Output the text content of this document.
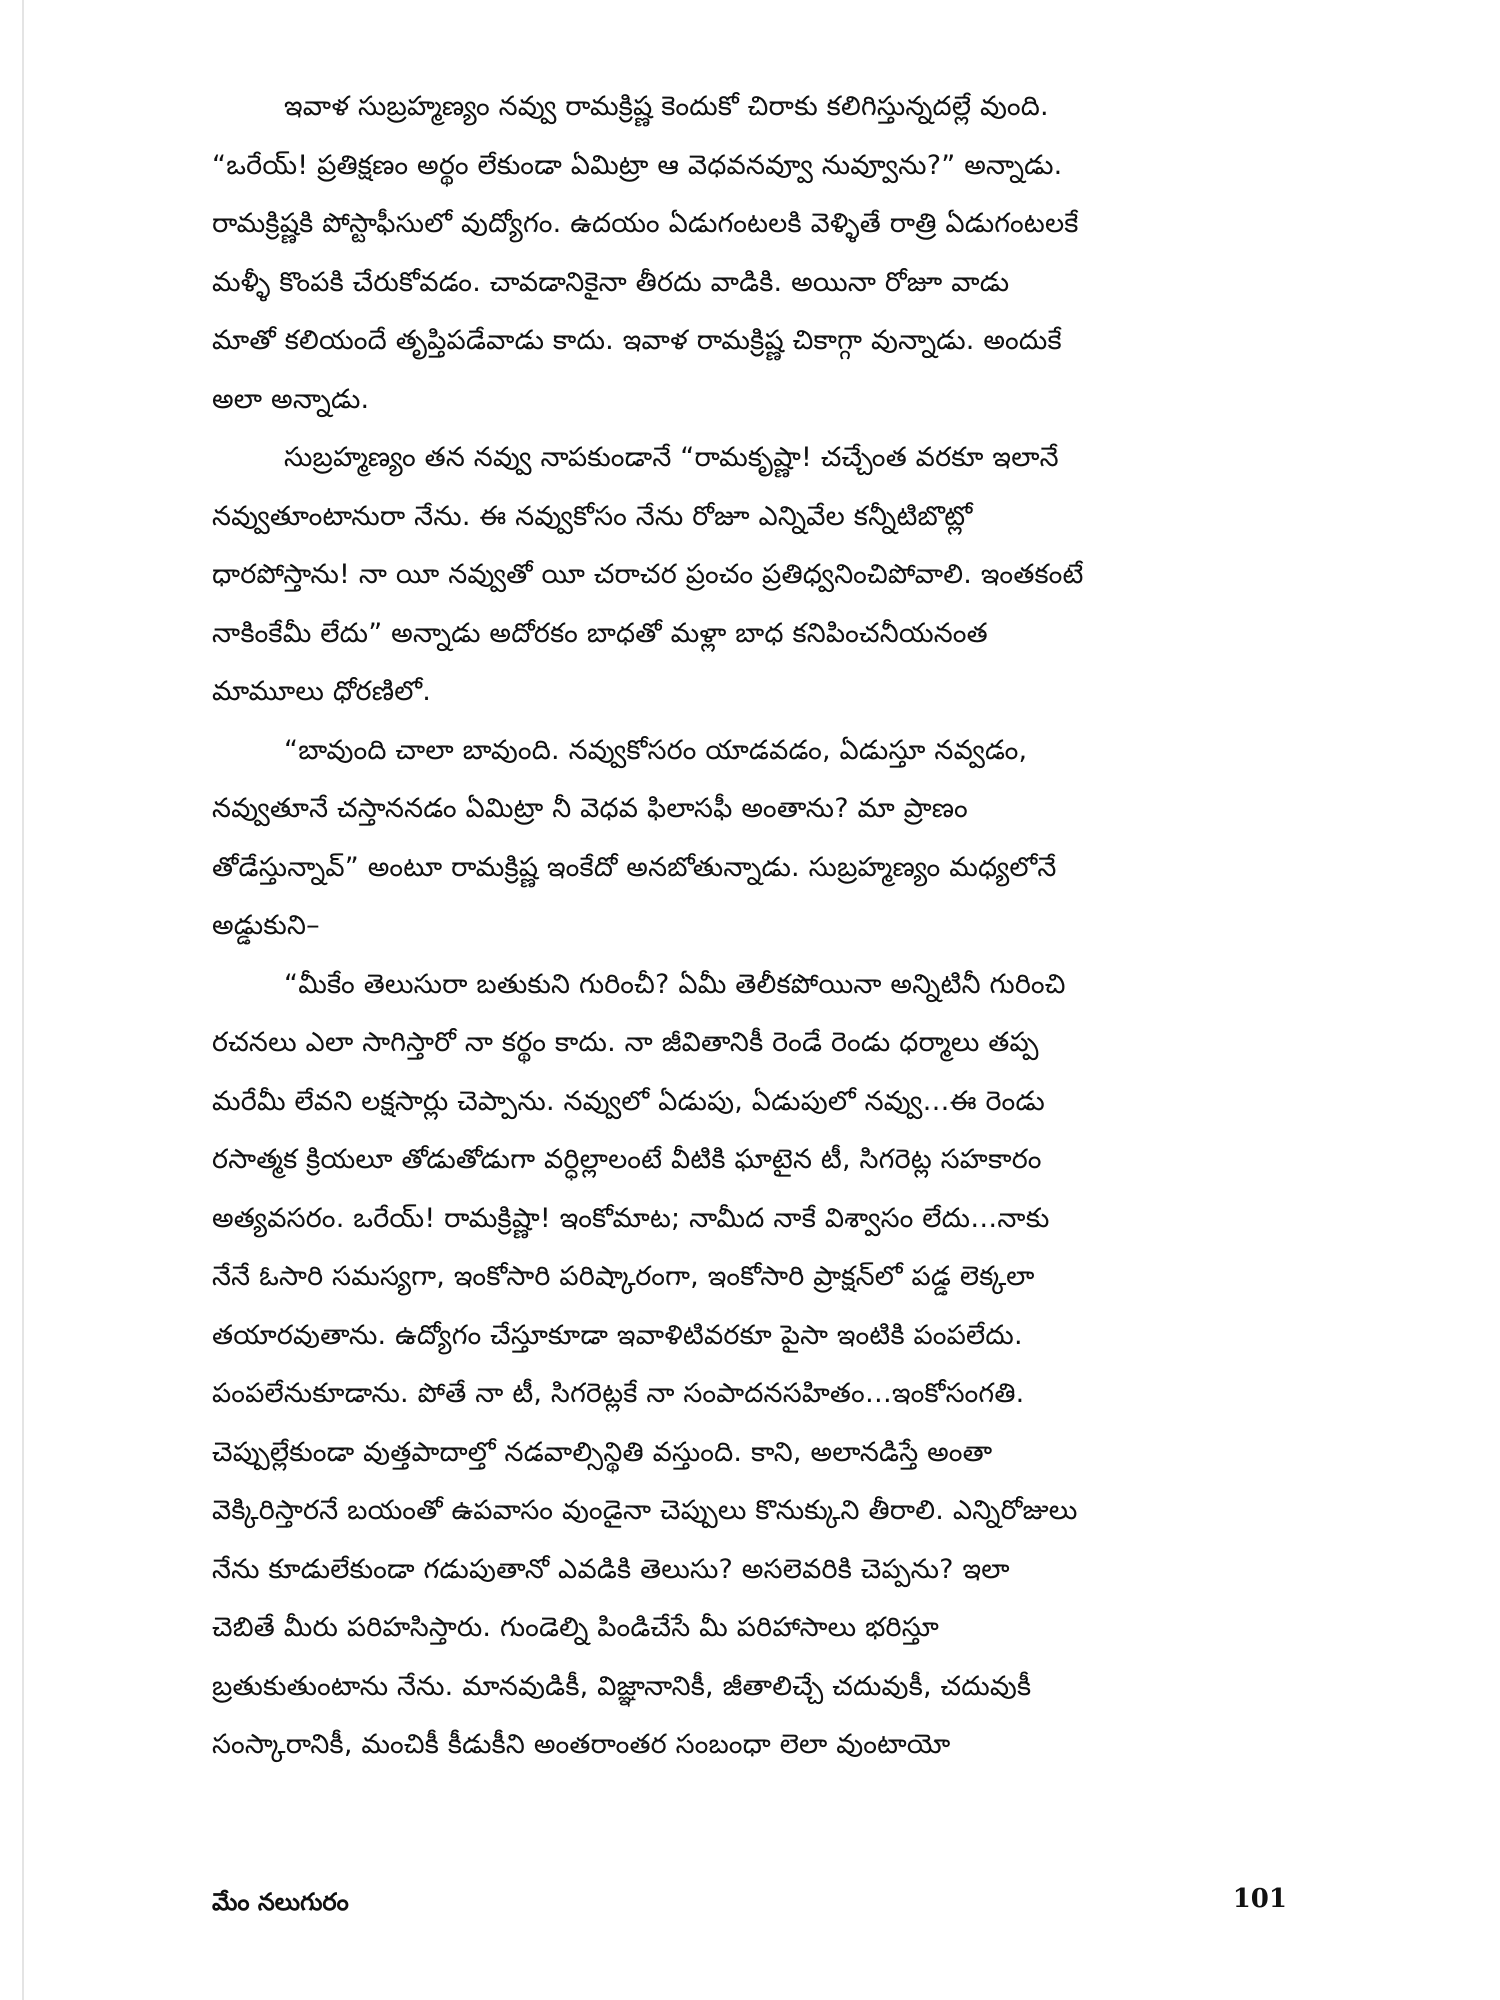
ఇవాళ సుబ్రహ్మణ్యం నవ్వు రామక్రిష్ణ కెందుకో చిరాకు కలిగిస్తున్నదల్లే వుంది.
“ఒరేయ్! ప్రతిక్షణం అర్థం లేకుండా ఏమిట్రా ఆ వెధవనవ్వూ నువ్వూను?” అన్నాడు.
రామక్రిష్ణకి పోస్టాఫీసులో వుద్యోగం. ఉదయం ఏడుగంటలకి వెళ్ళితే రాత్రి ఏడుగంటలకే
మళ్ళీ కొంపకి చేరుకోవడం. చావడానికైనా తీరదు వాడికి. అయినా రోజూ వాడు
మాతో కలియందే తృప్తిపడేవాడు కాదు. ఇవాళ రామక్రిష్ణ చికాగ్గా వున్నాడు. అందుకే
అలా అన్నాడు.
సుబ్రహ్మణ్యం తన నవ్వు నాపకుండానే “రామకృష్ణా! చచ్చేంత వరకూ ఇలానే
నవ్వుతూంటానురా నేను. ఈ నవ్వుకోసం నేను రోజూ ఎన్నివేల కన్నీటిబొట్లో
ధారపోస్తాను! నా యీ నవ్వుతో యీ చరాచర ప్రంచం ప్రతిధ్వనించిపోవాలి. ఇంతకంటే
నాకింకేమీ లేదు” అన్నాడు అదోరకం బాధతో మళ్లా బాధ కనిపించనీయనంత
మామూలు ధోరణిలో.
“బావుంది చాలా బావుంది. నవ్వుకోసరం యాడవడం, ఏడుస్తూ నవ్వడం,
నవ్వుతూనే చస్తాననడం ఏమిట్రా నీ వెధవ ఫిలాసఫీ అంతాను? మా ప్రాణం
తోడేస్తున్నావ్” అంటూ రామక్రిష్ణ ఇంకేదో అనబోతున్నాడు. సుబ్రహ్మణ్యం మధ్యలోనే
అడ్డుకుని–
“మీకేం తెలుసురా బతుకుని గురించీ? ఏమీ తెలీకపోయినా అన్నిటినీ గురించి
రచనలు ఎలా సాగిస్తారో నా కర్థం కాదు. నా జీవితానికీ రెండే రెండు ధర్మాలు తప్ప
మరేమీ లేవని లక్షసార్లు చెప్పాను. నవ్వులో ఏడుపు, ఏడుపులో నవ్వు…ఈ రెండు
రసాత్మక క్రియలూ తోడుతోడుగా వర్ధిల్లాలంటే వీటికి ఘాటైన టీ, సిగరెట్ల సహకారం
అత్యవసరం. ఒరేయ్! రామక్రిష్ణా! ఇంకోమాట; నామీద నాకే విశ్వాసం లేదు…నాకు
నేనే ఓసారి సమస్యగా, ఇంకోసారి పరిష్కారంగా, ఇంకోసారి ప్రాక్షన్‌లో పడ్డ లెక్కలా
తయారవుతాను. ఉద్యోగం చేస్తూకూడా ఇవాళిటివరకూ పైసా ఇంటికి పంపలేదు.
పంపలేనుకూడాను. పోతే నా టీ, సిగరెట్లకే నా సంపాదనసహితం…ఇంకోసంగతి.
చెప్పుల్లేకుండా వుత్తపాదాల్తో నడవాల్సిన్థితి వస్తుంది. కాని, అలానడిస్తే అంతా
వెక్కిరిస్తారనే బయంతో ఉపవాసం వుండైనా చెప్పులు కొనుక్కుని తీరాలి. ఎన్నిరోజులు
నేను కూడులేకుండా గడుపుతానో ఎవడికి తెలుసు? అసలెవరికి చెప్పను? ఇలా
చెబితే మీరు పరిహసిస్తారు. గుండెల్ని పిండిచేసే మీ పరిహాసాలు భరిస్తూ
బ్రతుకుతుంటాను నేను. మానవుడికీ, విజ్ఞానానికీ, జీతాలిచ్చే చదువుకీ, చదువుకీ
సంస్కారానికీ, మంచికీ కీడుకీని అంతరాంతర సంబంధా లెలా వుంటాయో
మేం నలుగురం	101
